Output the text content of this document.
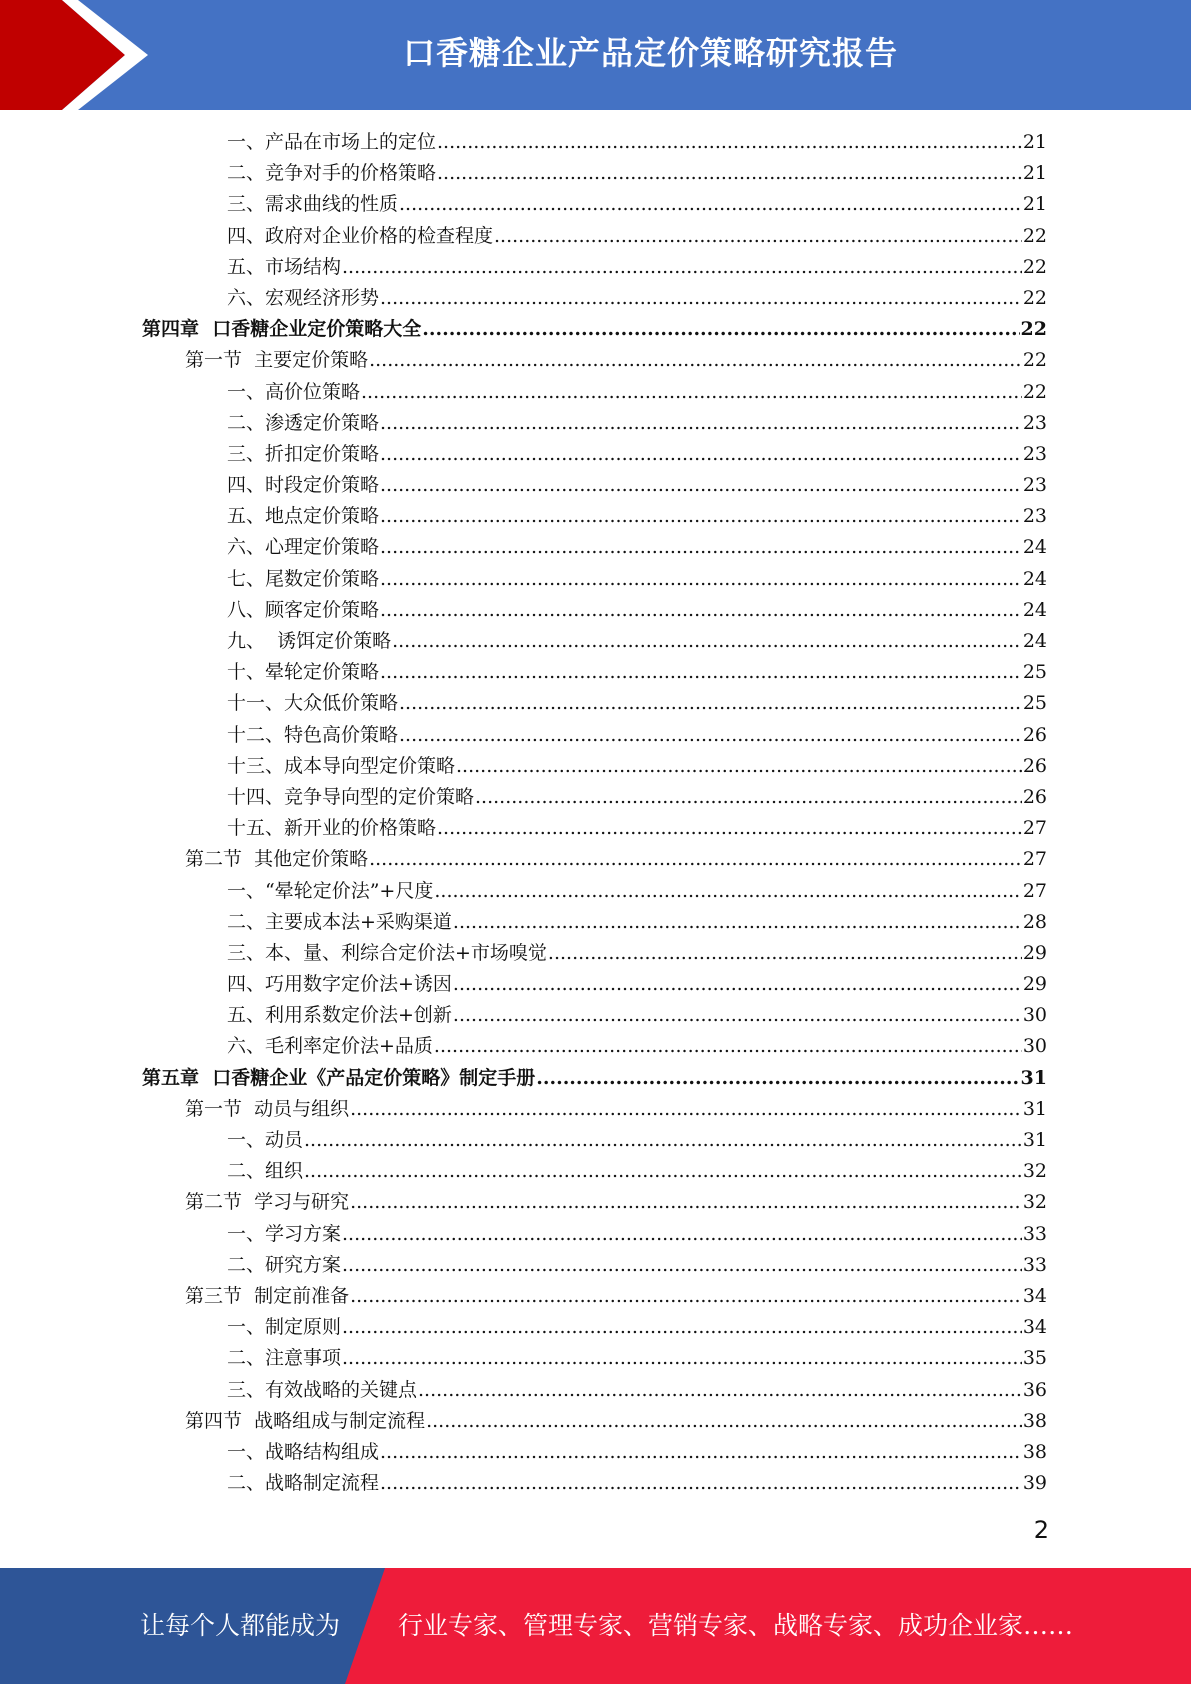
口香糖企业产品定价策略研究报告
一、产品在市场上的定位 .....	21
二、竞争对手的价格策略 .....	21
三、需求曲线的性质 .....	21
四、政府对企业价格的检查程度 .....	22
五、市场结构 .....	22
六、宏观经济形势 .....	22
第四章  口香糖企业定价策略大全 .....	22
第一节  主要定价策略 .....	22
一、高价位策略 .....	22
二、渗透定价策略 .....	23
三、折扣定价策略 .....	23
四、时段定价策略 .....	23
五、地点定价策略 .....	23
六、心理定价策略 .....	24
七、尾数定价策略 .....	24
八、顾客定价策略 .....	24
九、  诱饵定价策略 .....	24
十、晕轮定价策略 .....	25
十一、大众低价策略 .....	25
十二、特色高价策略 .....	26
十三、成本导向型定价策略 .....	26
十四、竞争导向型的定价策略 .....	26
十五、新开业的价格策略 .....	27
第二节  其他定价策略 .....	27
一、“晕轮定价法”+尺度 .....	27
二、主要成本法+采购渠道 .....	28
三、本、量、利综合定价法+市场嗅觉 .....	29
四、巧用数字定价法+诱因 .....	29
五、利用系数定价法+创新 .....	30
六、毛利率定价法+品质 .....	30
第五章  口香糖企业《产品定价策略》制定手册 .....	31
第一节  动员与组织 .....	31
一、动员 .....	31
二、组织 .....	32
第二节  学习与研究 .....	32
一、学习方案 .....	33
二、研究方案 .....	33
第三节  制定前准备 .....	34
一、制定原则 .....	34
二、注意事项 .....	35
三、有效战略的关键点 .....	36
第四节  战略组成与制定流程 .....	38
一、战略结构组成 .....	38
二、战略制定流程 .....	39
2
让每个人都能成为 行业专家、管理专家、营销专家、战略专家、成功企业家……
